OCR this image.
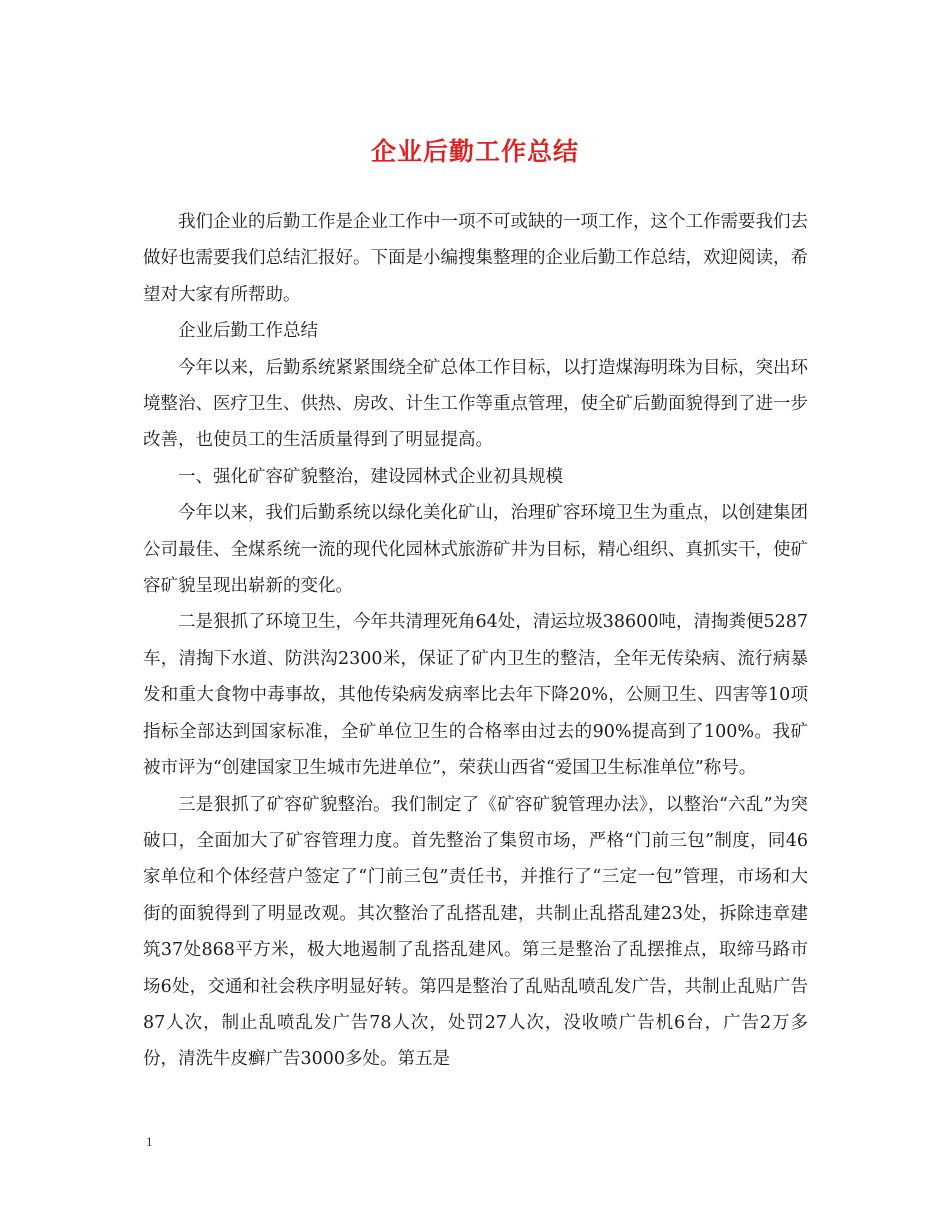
企业后勤工作总结

我们企业的后勤工作是企业工作中一项不可或缺的一项工作，这个工作需要我们去做好也需要我们总结汇报好。下面是小编搜集整理的企业后勤工作总结，欢迎阅读，希望对大家有所帮助。

企业后勤工作总结

今年以来，后勤系统紧紧围绕全矿总体工作目标，以打造煤海明珠为目标，突出环境整治、医疗卫生、供热、房改、计生工作等重点管理，使全矿后勤面貌得到了进一步改善，也使员工的生活质量得到了明显提高。

一、强化矿容矿貌整治，建设园林式企业初具规模

今年以来，我们后勤系统以绿化美化矿山，治理矿容环境卫生为重点，以创建集团公司最佳、全煤系统一流的现代化园林式旅游矿井为目标，精心组织、真抓实干，使矿容矿貌呈现出崭新的变化。

二是狠抓了环境卫生，今年共清理死角64处，清运垃圾38600吨，清掏粪便5287车，清掏下水道、防洪沟2300米，保证了矿内卫生的整洁，全年无传染病、流行病暴发和重大食物中毒事故，其他传染病发病率比去年下降20%，公厕卫生、四害等10项指标全部达到国家标准，全矿单位卫生的合格率由过去的90%提高到了100%。我矿被市评为“创建国家卫生城市先进单位”，荣获山西省“爱国卫生标准单位”称号。

三是狠抓了矿容矿貌整治。我们制定了《矿容矿貌管理办法》，以整治“六乱”为突破口，全面加大了矿容管理力度。首先整治了集贸市场，严格“门前三包”制度，同46家单位和个体经营户签定了“门前三包”责任书，并推行了“三定一包”管理，市场和大街的面貌得到了明显改观。其次整治了乱搭乱建，共制止乱搭乱建23处，拆除违章建筑37处868平方米，极大地遏制了乱搭乱建风。第三是整治了乱摆推点，取缔马路市场6处，交通和社会秩序明显好转。第四是整治了乱贴乱喷乱发广告，共制止乱贴广告87人次，制止乱喷乱发广告78人次，处罚27人次，没收喷广告机6台，广告2万多份，清洗牛皮癣广告3000多处。第五是

1
